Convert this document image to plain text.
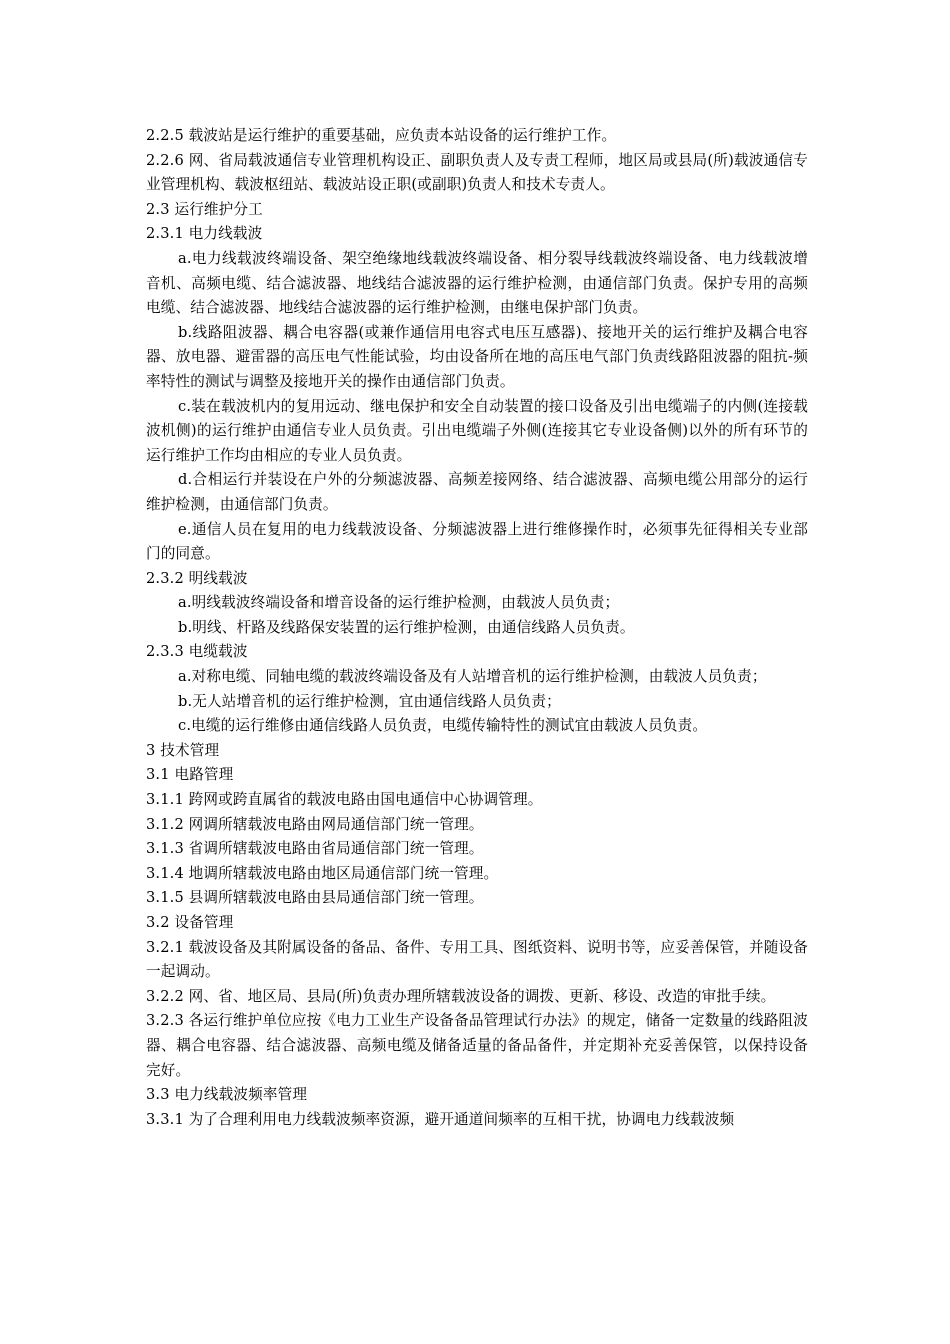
2.2.5 载波站是运行维护的重要基础，应负责本站设备的运行维护工作。

2.2.6 网、省局载波通信专业管理机构设正、副职负责人及专责工程师，地区局或县局(所)载波通信专业管理机构、载波枢纽站、载波站设正职(或副职)负责人和技术专责人。

2.3 运行维护分工

2.3.1 电力线载波

a.电力线载波终端设备、架空绝缘地线载波终端设备、相分裂导线载波终端设备、电力线载波增音机、高频电缆、结合滤波器、地线结合滤波器的运行维护检测，由通信部门负责。保护专用的高频电缆、结合滤波器、地线结合滤波器的运行维护检测，由继电保护部门负责。

b.线路阻波器、耦合电容器(或兼作通信用电容式电压互感器)、接地开关的运行维护及耦合电容器、放电器、避雷器的高压电气性能试验，均由设备所在地的高压电气部门负责线路阻波器的阻抗-频率特性的测试与调整及接地开关的操作由通信部门负责。

c.装在载波机内的复用远动、继电保护和安全自动装置的接口设备及引出电缆端子的内侧(连接载波机侧)的运行维护由通信专业人员负责。引出电缆端子外侧(连接其它专业设备侧)以外的所有环节的运行维护工作均由相应的专业人员负责。

d.合相运行并装设在户外的分频滤波器、高频差接网络、结合滤波器、高频电缆公用部分的运行维护检测，由通信部门负责。

e.通信人员在复用的电力线载波设备、分频滤波器上进行维修操作时，必须事先征得相关专业部门的同意。

2.3.2 明线载波

a.明线载波终端设备和增音设备的运行维护检测，由载波人员负责；

b.明线、杆路及线路保安装置的运行维护检测，由通信线路人员负责。

2.3.3 电缆载波

a.对称电缆、同轴电缆的载波终端设备及有人站增音机的运行维护检测，由载波人员负责；

b.无人站增音机的运行维护检测，宜由通信线路人员负责；

c.电缆的运行维修由通信线路人员负责，电缆传输特性的测试宜由载波人员负责。

3 技术管理

3.1 电路管理

3.1.1 跨网或跨直属省的载波电路由国电通信中心协调管理。

3.1.2 网调所辖载波电路由网局通信部门统一管理。

3.1.3 省调所辖载波电路由省局通信部门统一管理。

3.1.4 地调所辖载波电路由地区局通信部门统一管理。

3.1.5 县调所辖载波电路由县局通信部门统一管理。

3.2 设备管理

3.2.1 载波设备及其附属设备的备品、备件、专用工具、图纸资料、说明书等，应妥善保管，并随设备一起调动。

3.2.2 网、省、地区局、县局(所)负责办理所辖载波设备的调拨、更新、移设、改造的审批手续。

3.2.3 各运行维护单位应按《电力工业生产设备备品管理试行办法》的规定，储备一定数量的线路阻波器、耦合电容器、结合滤波器、高频电缆及储备适量的备品备件，并定期补充妥善保管，以保持设备完好。

3.3 电力线载波频率管理

3.3.1 为了合理利用电力线载波频率资源，避开通道间频率的互相干扰，协调电力线载波频
